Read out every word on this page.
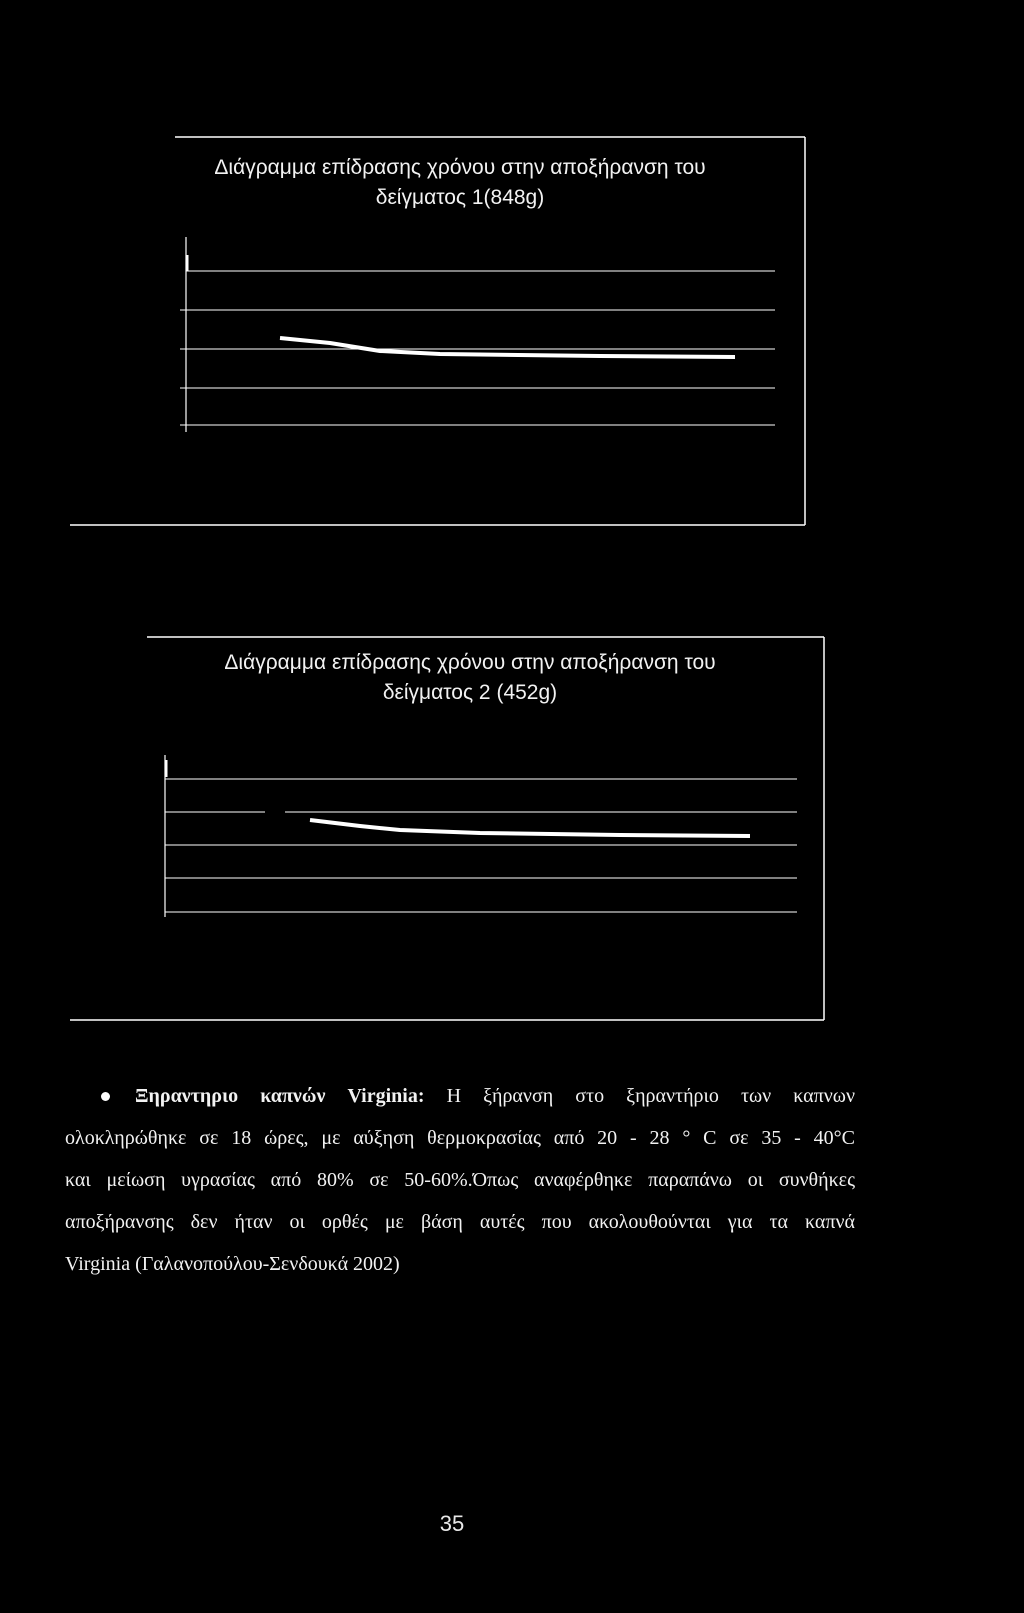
Διάγραμμα επίδρασης χρόνου στην αποξήρανση του
δείγματος 1(848g)
Διάγραμμα επίδρασης χρόνου στην αποξήρανση του
δείγματος 2 (452g)
Ξηραντηριο καπνών Virginia: Η ξήρανση στο ξηραντήριο των καπνων
ολοκληρώθηκε σε 18 ώρες, με αύξηση θερμοκρασίας από 20 - 28 ° C σε 35 - 40°C
και μείωση υγρασίας από 80% σε 50-60%.Όπως αναφέρθηκε παραπάνω οι συνθήκες
αποξήρανσης δεν ήταν οι ορθές με βάση αυτές που ακολουθούνται για τα καπνά
Virginia (Γαλανοπούλου-Σενδουκά 2002)
35
